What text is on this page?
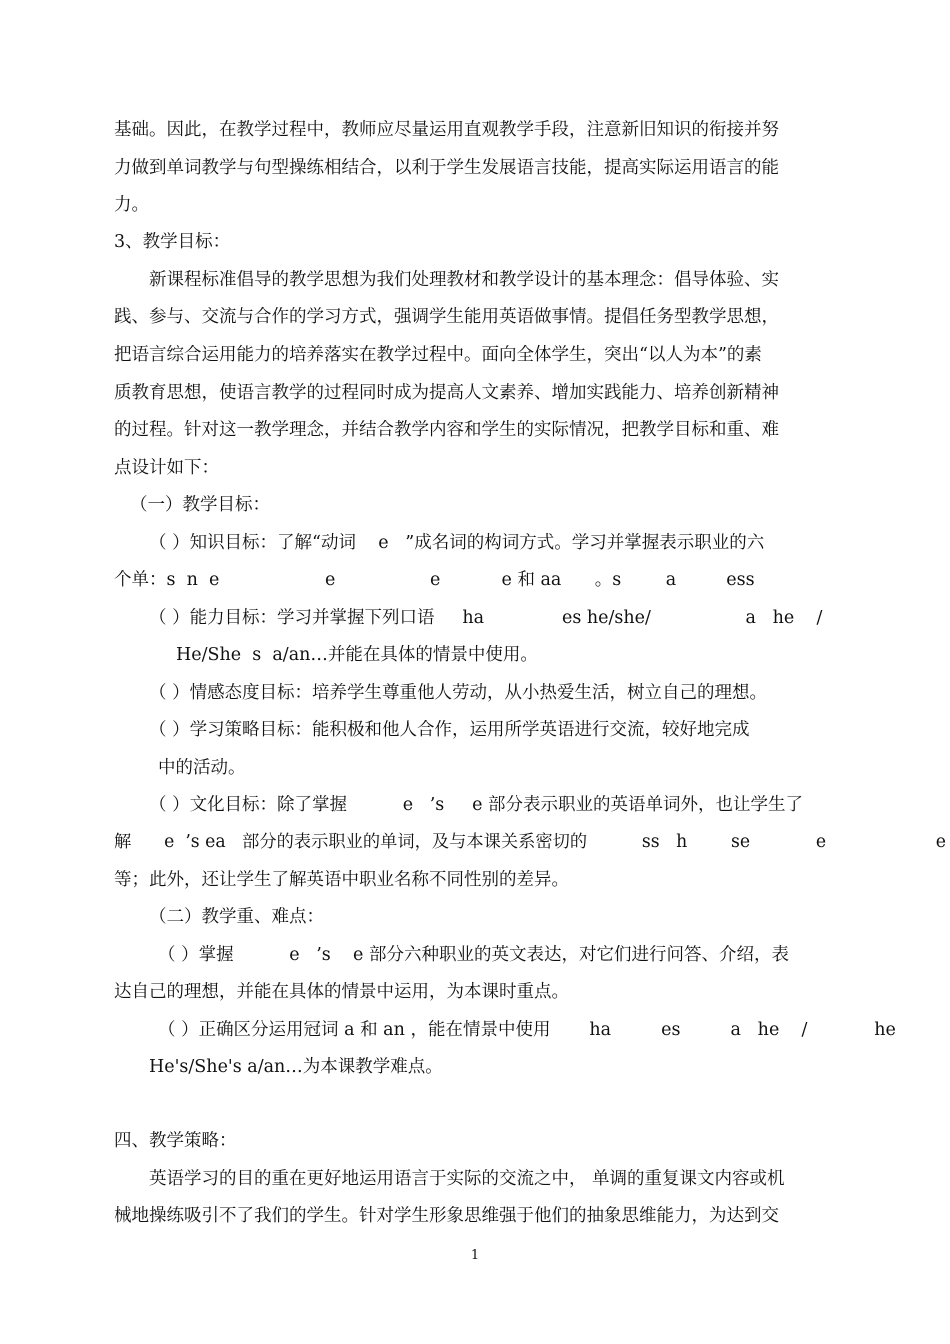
基础。因此，在教学过程中，教师应尽量运用直观教学手段，注意新旧知识的衔接并努
力做到单词教学与句型操练相结合，以利于学生发展语言技能，提高实际运用语言的能
力。
3、教学目标：
新课程标准倡导的教学思想为我们处理教材和教学设计的基本理念：倡导体验、实
践、参与、交流与合作的学习方式，强调学生能用英语做事情。提倡任务型教学思想，
把语言综合运用能力的培养落实在教学过程中。面向全体学生，突出“以人为本”的素
质教育思想，使语言教学的过程同时成为提高人文素养、增加实践能力、培养创新精神
的过程。针对这一教学理念，并结合教学内容和学生的实际情况，把教学目标和重、难
点设计如下：
（一）教学目标：
（ ）知识目标：了解“动词    e   ”成名词的构词方式。学习并掌握表示职业的六
个单：s  n  e                   e                 e           e 和 aa      。s        a         ess
（ ）能力目标：学习并掌握下列口语     ha              es he/she/                 a   he    /
He/She  s  a/an…并能在具体的情景中使用。
（ ）情感态度目标：培养学生尊重他人劳动，从小热爱生活，树立自己的理想。
（ ）学习策略目标：能积极和他人合作，运用所学英语进行交流，较好地完成
中的活动。
（ ）文化目标：除了掌握          e   ’s     e 部分表示职业的英语单词外，也让学生了
解      e  ’s ea   部分的表示职业的单词，及与本课关系密切的          ss   h        se            e                    e
等；此外，还让学生了解英语中职业名称不同性别的差异。
（二）教学重、难点：
（ ）掌握          e   ’s    e 部分六种职业的英文表达，对它们进行问答、介绍，表
达自己的理想，并能在具体的情景中运用，为本课时重点。
（ ）正确区分运用冠词 a 和 an ，能在情景中使用       ha         es         a   he    /            he
He's/She's a/an…为本课教学难点。
四、教学策略：
英语学习的目的重在更好地运用语言于实际的交流之中， 单调的重复课文内容或机
械地操练吸引不了我们的学生。针对学生形象思维强于他们的抽象思维能力，为达到交
1
